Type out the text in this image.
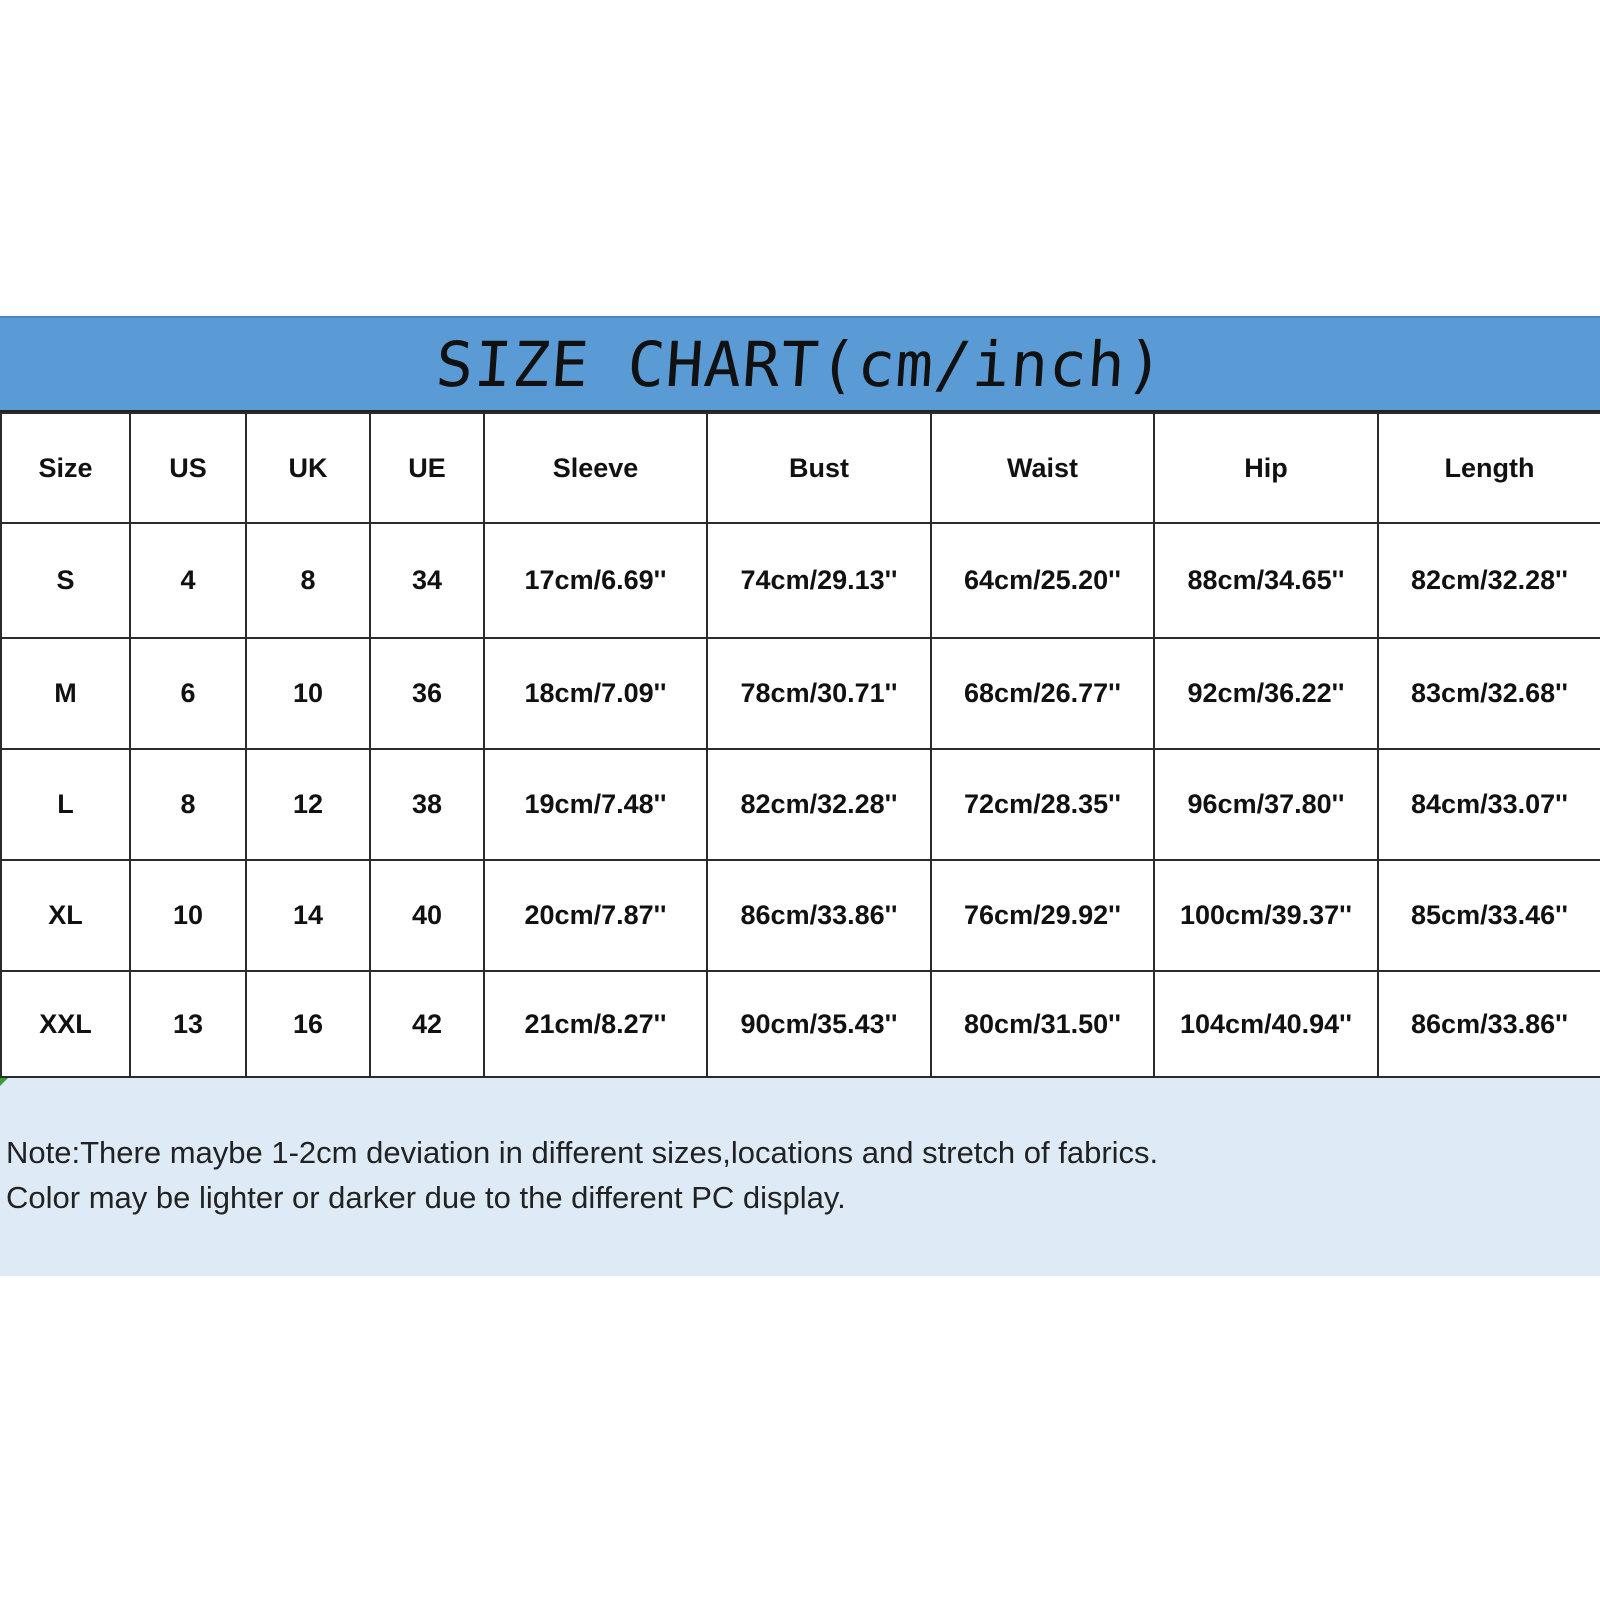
SIZE CHART(cm/inch)
Size	US	UK	UE	Sleeve	Bust	Waist	Hip	Length
S	4	8	34	17cm/6.69''	74cm/29.13''	64cm/25.20''	88cm/34.65''	82cm/32.28''
M	6	10	36	18cm/7.09''	78cm/30.71''	68cm/26.77''	92cm/36.22''	83cm/32.68''
L	8	12	38	19cm/7.48''	82cm/32.28''	72cm/28.35''	96cm/37.80''	84cm/33.07''
XL	10	14	40	20cm/7.87''	86cm/33.86''	76cm/29.92''	100cm/39.37''	85cm/33.46''
XXL	13	16	42	21cm/8.27''	90cm/35.43''	80cm/31.50''	104cm/40.94''	86cm/33.86''
Note:There maybe 1-2cm deviation in different sizes,locations and stretch of fabrics.
Color may be lighter or darker due to the different PC display.
